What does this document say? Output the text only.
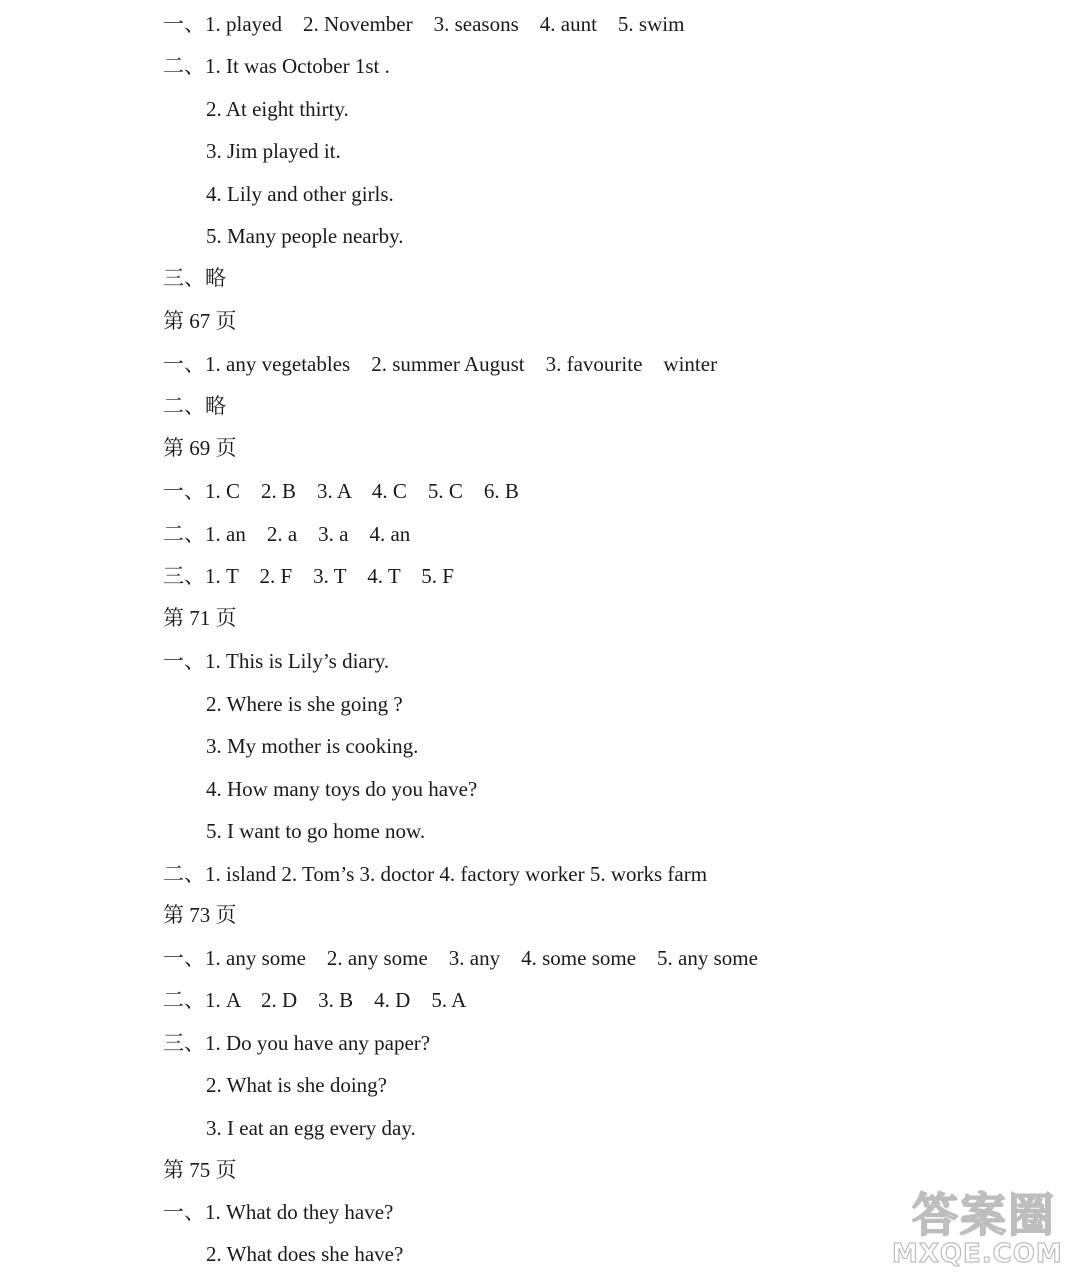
一、1. played　2. November　3. seasons　4. aunt　5. swim
二、1. It was October 1st .
2. At eight thirty.
3. Jim played it.
4. Lily and other girls.
5. Many people nearby.
三、略
第 67 页
一、1. any vegetables　2. summer August　3. favourite　winter
二、略
第 69 页
一、1. C　2. B　3. A　4. C　5. C　6. B
二、1. an　2. a　3. a　4. an
三、1. T　2. F　3. T　4. T　5. F
第 71 页
一、1. This is Lily’s diary.
2. Where is she going ?
3. My mother is cooking.
4. How many toys do you have?
5. I want to go home now.
二、1. island 2. Tom’s 3. doctor 4. factory worker 5. works farm
第 73 页
一、1. any some　2. any some　3. any　4. some some　5. any some
二、1. A　2. D　3. B　4. D　5. A
三、1. Do you have any paper?
2. What is she doing?
3. I eat an egg every day.
第 75 页
一、1. What do they have?
2. What does she have?
答案圈
MXQE.COM
